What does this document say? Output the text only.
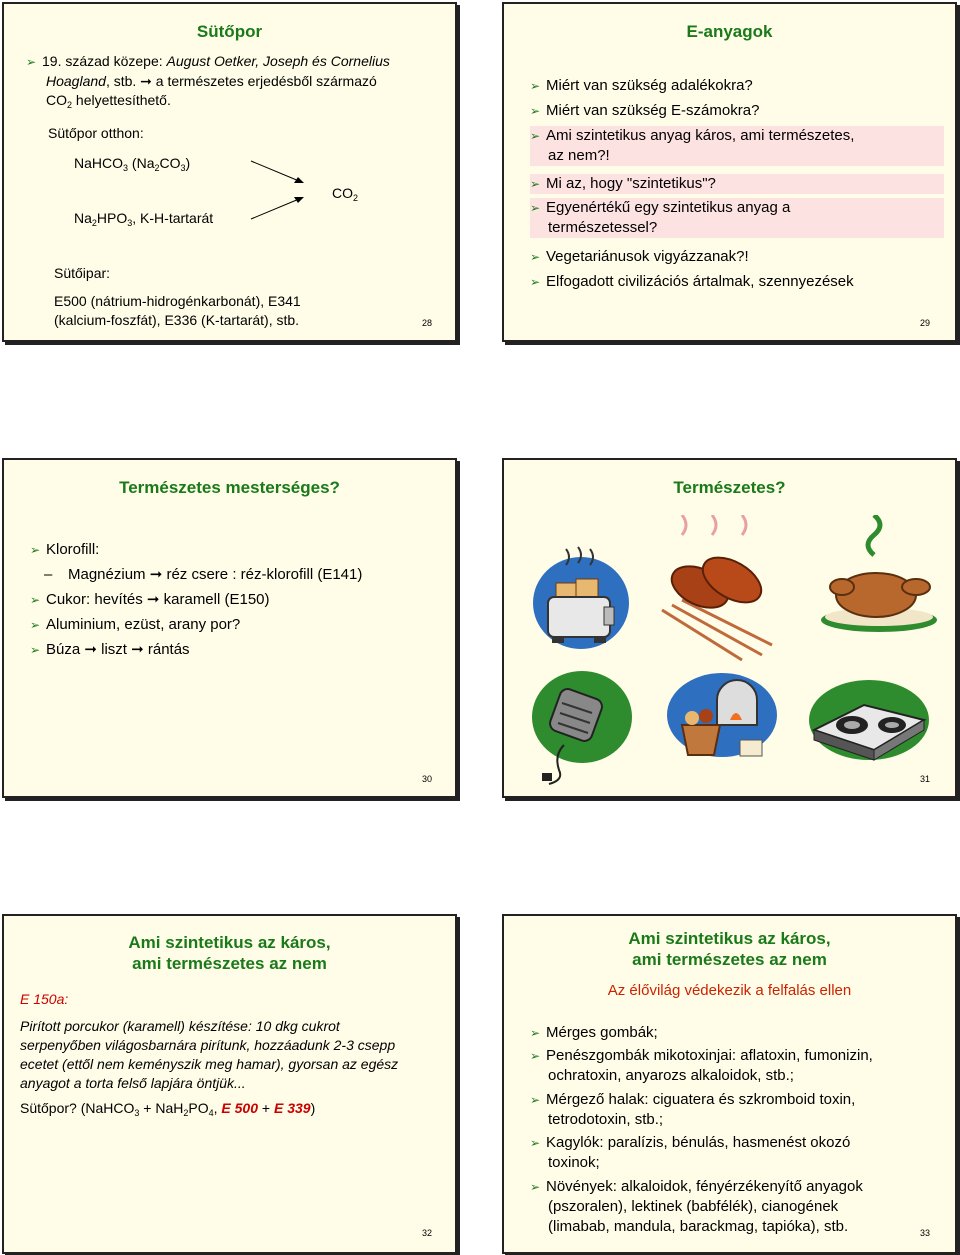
Sütőpor
➢ 19. század közepe: August Oetker, Joseph és Cornelius
Hoagland, stb. ➞ a természetes erjedésből származó
$CO_2$ helyettesíthető.
Sütőpor otthon:
NaHCO$_3$ $(Na_2CO_3)$
$Na_2HPO_3$, K-H-tartarát
$CO_2$
Sütőipar:
E500 (nátrium-hidrogénkarbonát), E341
(kalcium-foszfát), E336 (K-tartarát), stb.	28
E-anyagok
➢ Miért van szükség adalékokra?
➢ Miért van szükség E-számokra?
➢ Ami szintetikus anyag káros, ami természetes,
az nem?!
➢ Mi az, hogy "szintetikus"?
➢ Egyenértékű egy szintetikus anyag a
természetessel?
➢ Vegetariánusok vigyázzanak?!
➢ Elfogadott civilizációs ártalmak, szennyezések
29
Természetes mesterséges?
➢ Klorofill:
– Magnézium ➞ réz csere : réz-klorofill (E141)
➢ Cukor: hevítés ➞ karamell (E150)
➢ Aluminium, ezüst, arany por?
➢ Búza ➞ liszt ➞ rántás
30
Természetes?
31
Ami szintetikus az káros,
ami természetes az nem
E 150a:
Pirított porcukor (karamell) készítése: 10 dkg cukrot
serpenyőben világosbarnára pirítunk, hozzáadunk 2-3 csepp
ecetet (ettől nem keményszik meg hamar), gyorsan az egész
anyagot a torta felső lapjára öntjük...
Sütőpor? (NaHCO$_3$ + $NaH_2PO_4$, E 500 + E 339)
32
Ami szintetikus az káros,
ami természetes az nem
Az élővilág védekezik a felfalás ellen
➢ Mérges gombák;
➢ Penészgombák mikotoxinjai: aflatoxin, fumonizin,
ochratoxin, anyarozs alkaloidok, stb.;
➢ Mérgező halak: ciguatera és szkromboid toxin,
tetrodotoxin, stb.;
➢ Kagylók: paralízis, bénulás, hasmenést okozó
toxinok;
➢ Növények: alkaloidok, fényérzékenyítő anyagok
(pszoralen), lektinek (babfélék), cianogének
(limabab, mandula, barackmag, tapióka), stb.	33
